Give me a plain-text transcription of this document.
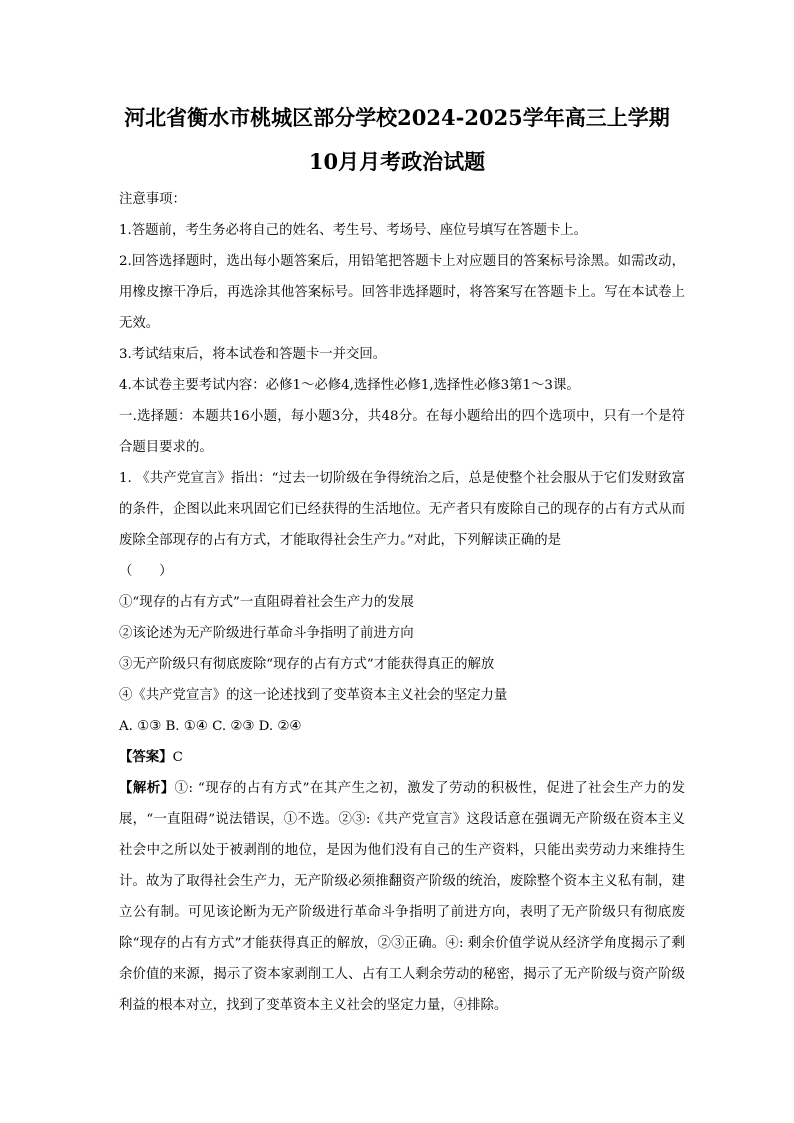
河北省衡水市桃城区部分学校2024-2025学年高三上学期
10月月考政治试题

注意事项：

1.答题前，考生务必将自己的姓名、考生号、考场号、座位号填写在答题卡上。

2.回答选择题时，选出每小题答案后，用铅笔把答题卡上对应题目的答案标号涂黑。如需改动，用橡皮擦干净后，再选涂其他答案标号。回答非选择题时，将答案写在答题卡上。写在本试卷上无效。

3.考试结束后，将本试卷和答题卡一并交回。

4.本试卷主要考试内容：必修1～必修4,选择性必修1,选择性必修3第1～3课。

一.选择题：本题共16小题，每小题3分，共48分。在每小题给出的四个选项中，只有一个是符合题目要求的。

1. 《共产党宣言》指出：“过去一切阶级在争得统治之后，总是使整个社会服从于它们发财致富的条件，企图以此来巩固它们已经获得的生活地位。无产者只有废除自己的现存的占有方式从而废除全部现存的占有方式，才能取得社会生产力。”对此，下列解读正确的是

（　　）

①“现存的占有方式”一直阻碍着社会生产力的发展

②该论述为无产阶级进行革命斗争指明了前进方向

③无产阶级只有彻底废除“现存的占有方式”才能获得真正的解放

④《共产党宣言》的这一论述找到了变革资本主义社会的坚定力量

A. ①③ B. ①④ C. ②③ D. ②④

【答案】C

【解析】①: “现存的占有方式”在其产生之初，激发了劳动的积极性，促进了社会生产力的发展，“一直阻碍”说法错误，①不选。②③:《共产党宣言》这段话意在强调无产阶级在资本主义社会中之所以处于被剥削的地位，是因为他们没有自己的生产资料，只能出卖劳动力来维持生计。故为了取得社会生产力，无产阶级必须推翻资产阶级的统治，废除整个资本主义私有制，建立公有制。可见该论断为无产阶级进行革命斗争指明了前进方向，表明了无产阶级只有彻底废除“现存的占有方式”才能获得真正的解放，②③正确。④: 剩余价值学说从经济学角度揭示了剩余价值的来源，揭示了资本家剥削工人、占有工人剩余劳动的秘密，揭示了无产阶级与资产阶级利益的根本对立，找到了变革资本主义社会的坚定力量，④排除。
